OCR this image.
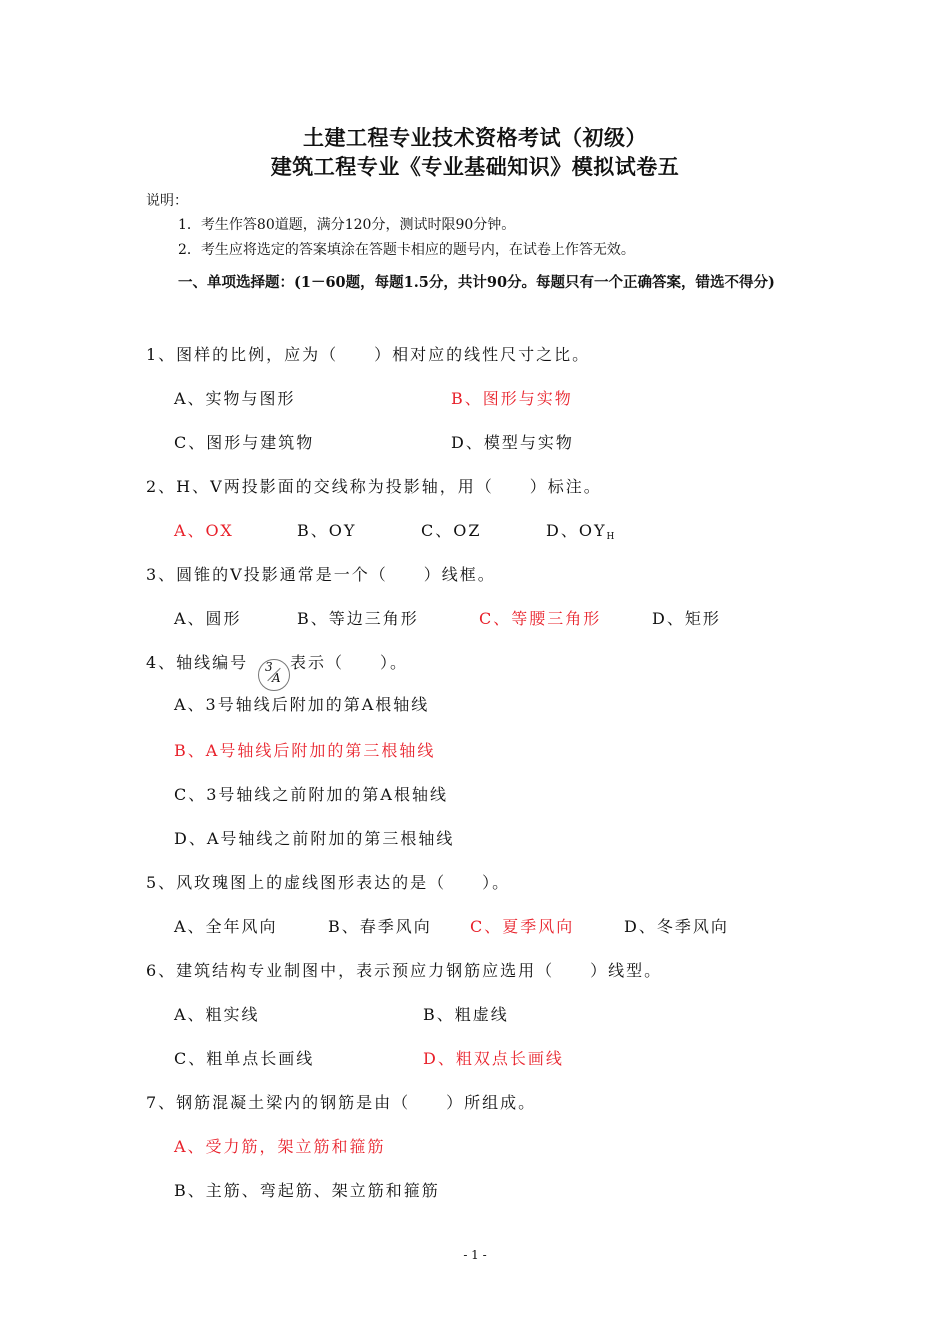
土建工程专业技术资格考试（初级）
建筑工程专业《专业基础知识》模拟试卷五
说明：
1．考生作答80道题，满分120分，测试时限90分钟。
2．考生应将选定的答案填涂在答题卡相应的题号内，在试卷上作答无效。
一、单项选择题：(1－60题，每题1.5分，共计90分。每题只有一个正确答案，错选不得分)
1、图样的比例，应为（　　）相对应的线性尺寸之比。
A、实物与图形	B、图形与实物
C、图形与建筑物	D、模型与实物
2、H、V两投影面的交线称为投影轴，用（　　）标注。
A、OX	B、OY	C、OZ	D、$OY_H$
3、圆锥的V投影通常是一个（　　）线框。
A、圆形	B、等边三角形	C、等腰三角形	D、矩形
4、轴线编号 3
A
表示（　　）。
A、3号轴线后附加的第A根轴线
B、A号轴线后附加的第三根轴线
C、3号轴线之前附加的第A根轴线
D、A号轴线之前附加的第三根轴线
5、风玫瑰图上的虚线图形表达的是（　　）。
A、全年风向	B、春季风向 C、夏季风向	D、冬季风向
6、建筑结构专业制图中，表示预应力钢筋应选用（　　）线型。
A、粗实线	B、粗虚线
C、粗单点长画线	D、粗双点长画线
7、钢筋混凝土梁内的钢筋是由（　　）所组成。
A、受力筋，架立筋和箍筋
B、主筋、弯起筋、架立筋和箍筋
- 1 -
